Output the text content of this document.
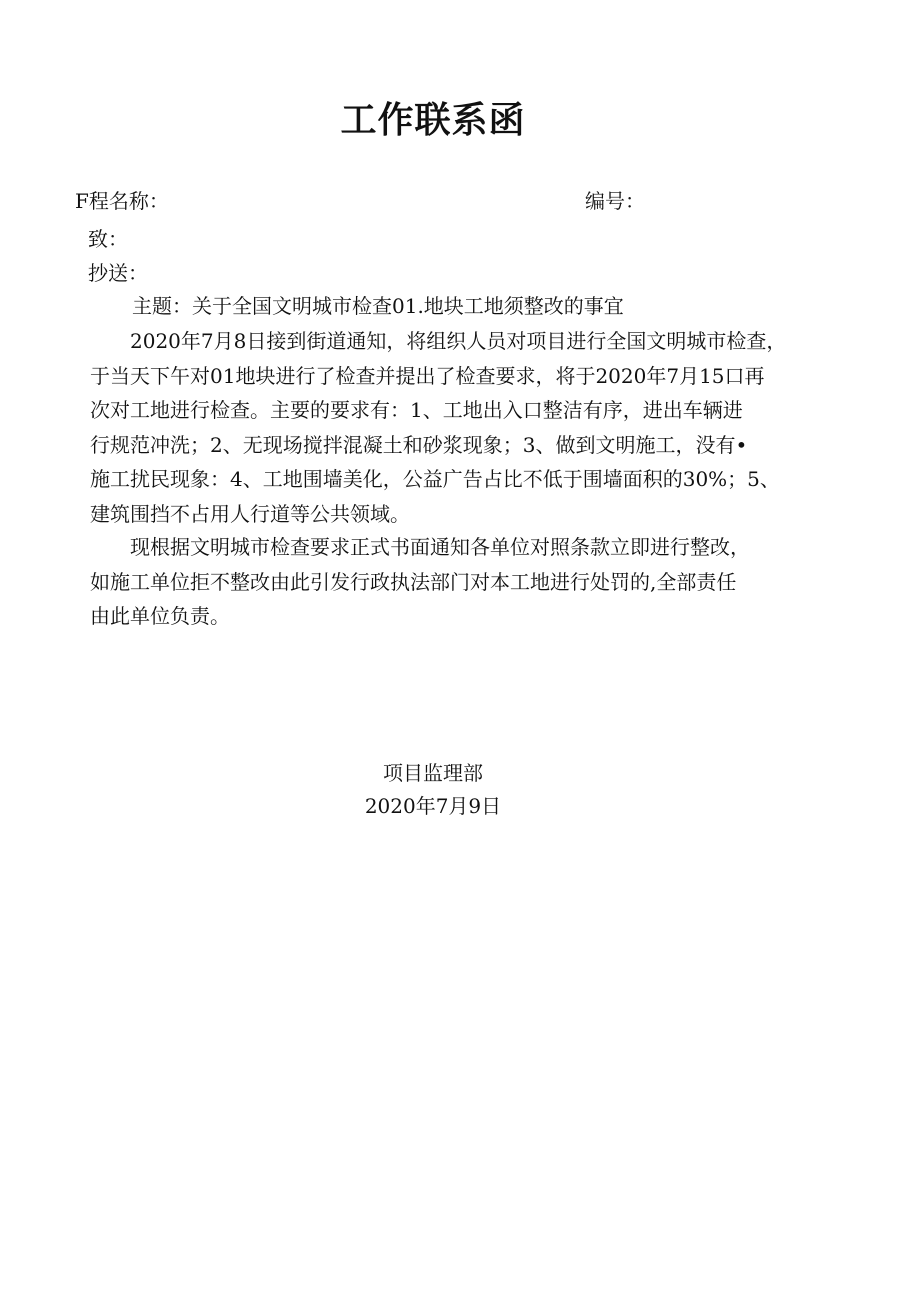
工作联系函
F程名称：	编号：
致：
抄送：
主题：关于全国文明城市检查01.地块工地须整改的事宜
　　2020年7月8日接到街道通知，将组织人员对项目进行全国文明城市检查，
于当天下午对01地块进行了检查并提出了检查要求，将于2020年7月15口再
次对工地进行检查。主要的要求有：1、工地出入口整洁有序，进出车辆进
行规范冲洗；2、无现场搅拌混凝土和砂浆现象；3、做到文明施工，没有•
施工扰民现象：4、工地围墙美化，公益广告占比不低于围墙面积的30%；5、
建筑围挡不占用人行道等公共领域。
　　现根据文明城市检查要求正式书面通知各单位对照条款立即进行整改，
如施工单位拒不整改由此引发行政执法部门对本工地进行处罚的,全部责任
由此单位负责。
项目监理部
2020年7月9日
